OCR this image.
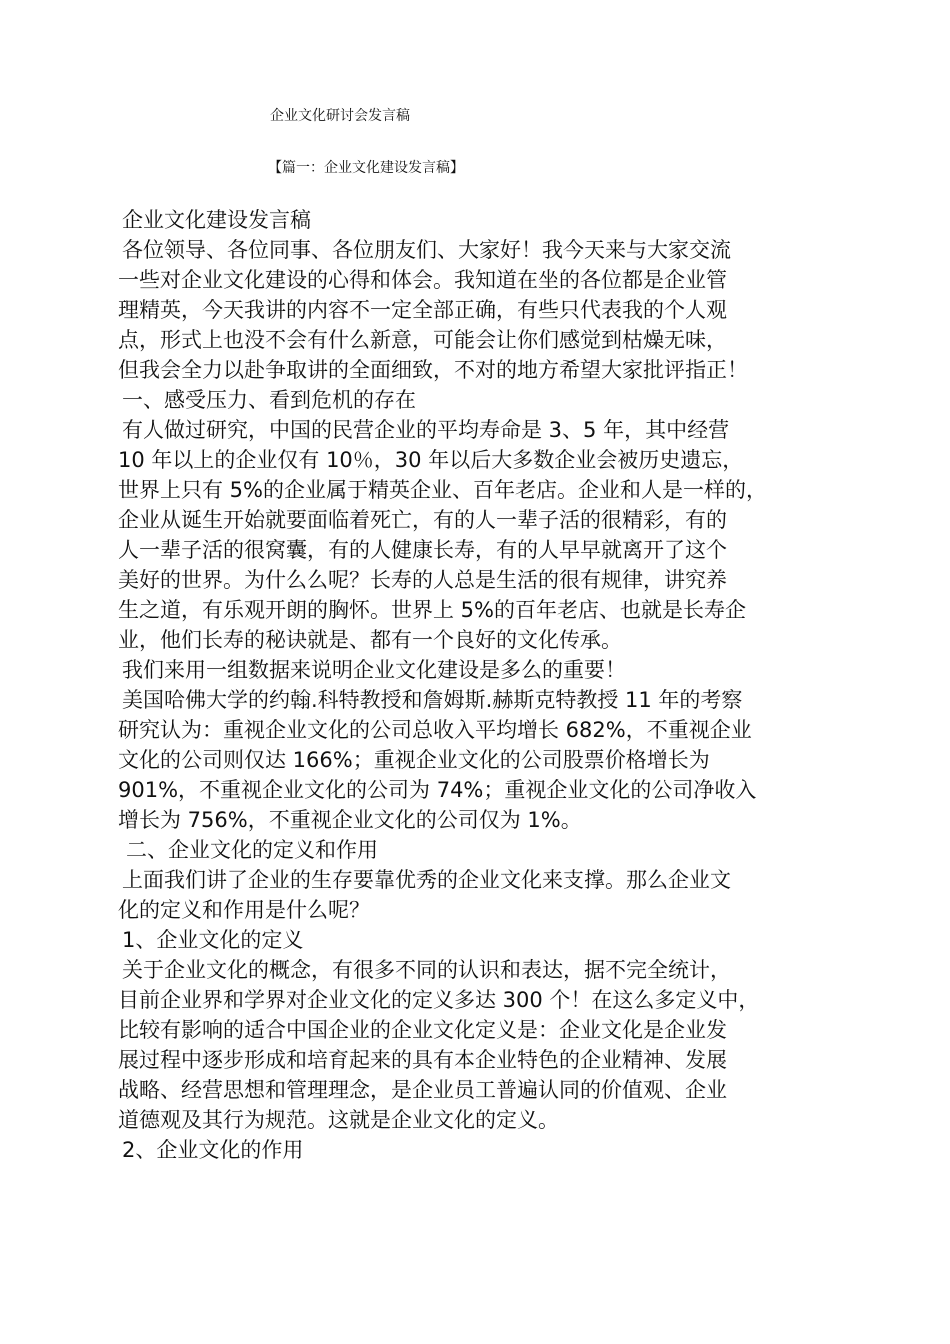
企业文化研讨会发言稿
【篇一：企业文化建设发言稿】
企业文化建设发言稿
各位领导、各位同事、各位朋友们、大家好！我今天来与大家交流
一些对企业文化建设的心得和体会。我知道在坐的各位都是企业管
理精英，今天我讲的内容不一定全部正确，有些只代表我的个人观
点，形式上也没不会有什么新意，可能会让你们感觉到枯燥无味，
但我会全力以赴争取讲的全面细致，不对的地方希望大家批评指正！
一、感受压力、看到危机的存在
有人做过研究，中国的民营企业的平均寿命是 3、5 年，其中经营
10 年以上的企业仅有 10％，30 年以后大多数企业会被历史遗忘，
世界上只有 5%的企业属于精英企业、百年老店。企业和人是一样的，
企业从诞生开始就要面临着死亡，有的人一辈子活的很精彩，有的
人一辈子活的很窝囊，有的人健康长寿，有的人早早就离开了这个
美好的世界。为什么么呢？长寿的人总是生活的很有规律，讲究养
生之道，有乐观开朗的胸怀。世界上 5%的百年老店、也就是长寿企
业，他们长寿的秘诀就是、都有一个良好的文化传承。
我们来用一组数据来说明企业文化建设是多么的重要！
美国哈佛大学的约翰.科特教授和詹姆斯.赫斯克特教授 11 年的考察
研究认为：重视企业文化的公司总收入平均增长 682%，不重视企业
文化的公司则仅达 166%；重视企业文化的公司股票价格增长为
901%，不重视企业文化的公司为 74%；重视企业文化的公司净收入
增长为 756%，不重视企业文化的公司仅为 1%。
二、企业文化的定义和作用
上面我们讲了企业的生存要靠优秀的企业文化来支撑。那么企业文
化的定义和作用是什么呢？
1、企业文化的定义
关于企业文化的概念，有很多不同的认识和表达，据不完全统计，
目前企业界和学界对企业文化的定义多达 300 个！在这么多定义中，
比较有影响的适合中国企业的企业文化定义是：企业文化是企业发
展过程中逐步形成和培育起来的具有本企业特色的企业精神、发展
战略、经营思想和管理理念，是企业员工普遍认同的价值观、企业
道德观及其行为规范。这就是企业文化的定义。
2、企业文化的作用
